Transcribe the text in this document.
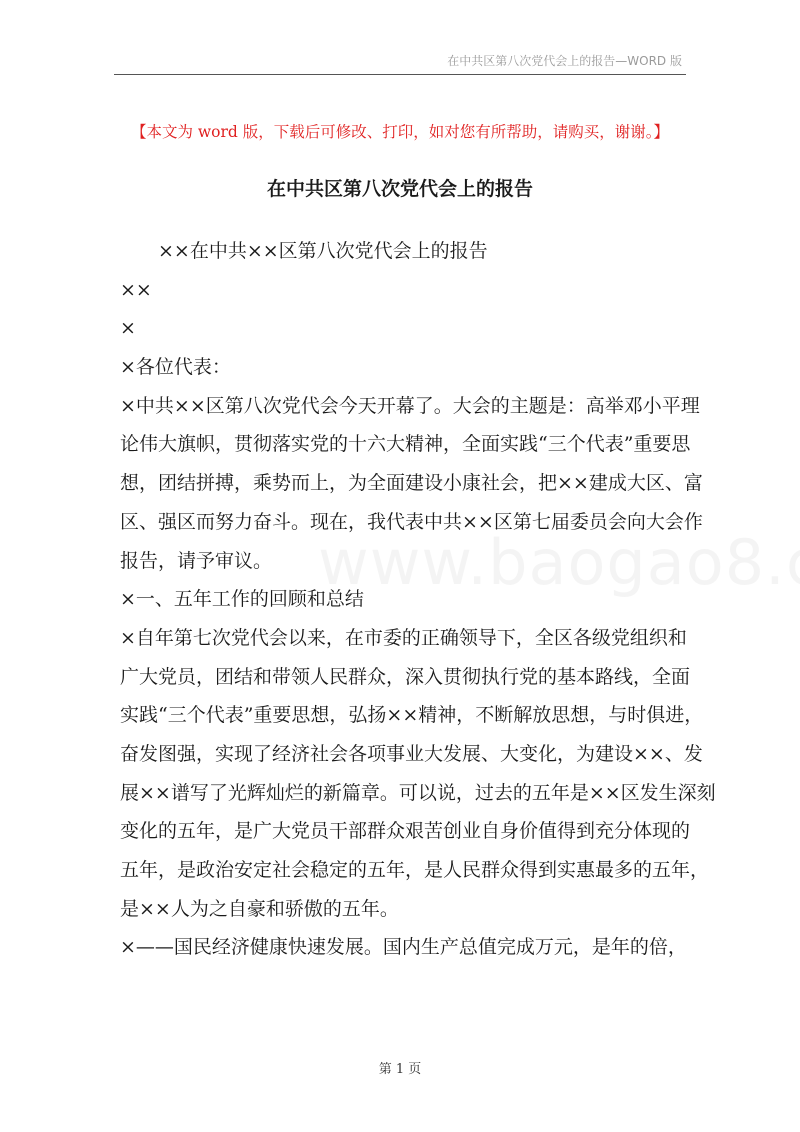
在中共区第八次党代会上的报告—WORD 版
【本文为 word 版，下载后可修改、打印，如对您有所帮助，请购买，谢谢。】
在中共区第八次党代会上的报告
××在中共××区第八次党代会上的报告
××
×
×各位代表：
×中共××区第八次党代会今天开幕了。大会的主题是：高举邓小平理
论伟大旗帜，贯彻落实党的十六大精神，全面实践“三个代表”重要思
想，团结拼搏，乘势而上，为全面建设小康社会，把××建成大区、富
区、强区而努力奋斗。现在，我代表中共××区第七届委员会向大会作
报告，请予审议。
×一、五年工作的回顾和总结
×自年第七次党代会以来，在市委的正确领导下，全区各级党组织和
广大党员，团结和带领人民群众，深入贯彻执行党的基本路线，全面
实践“三个代表”重要思想，弘扬××精神，不断解放思想，与时俱进，
奋发图强，实现了经济社会各项事业大发展、大变化，为建设××、发
展××谱写了光辉灿烂的新篇章。可以说，过去的五年是××区发生深刻
变化的五年，是广大党员干部群众艰苦创业自身价值得到充分体现的
五年，是政治安定社会稳定的五年，是人民群众得到实惠最多的五年，
是××人为之自豪和骄傲的五年。
×——国民经济健康快速发展。国内生产总值完成万元，是年的倍，
第 1 页
